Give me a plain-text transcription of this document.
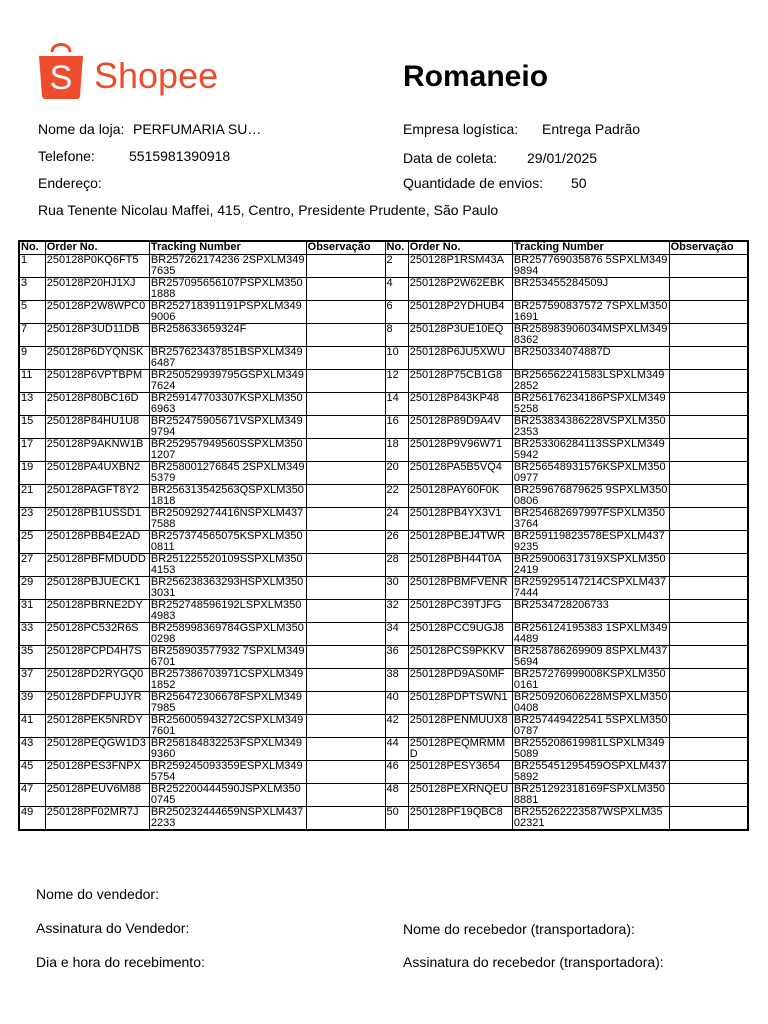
S Shopee	Romaneio
Nome da loja: PERFUMARIA SU…
Telefone: 5515981390918
Endereço:
Rua Tenente Nicolau Maffei, 415, Centro, Presidente Prudente, São Paulo
Empresa logística: Entrega Padrão
Data de coleta: 29/01/2025
Quantidade de envios: 50
No.	Order No.	Tracking Number	Observação	No.	Order No.	Tracking Number	Observação
1	250128P0KQ6FT5	BR257262174236 2SPXLM3497635		2	250128P1RSM43A	BR257769035876 5SPXLM3499894	
3	250128P20HJ1XJ	BR257095656107PSPXLM3501888		4	250128P2W62EBK	BR253455284509J	
5	250128P2W8WPC0	BR252718391191PSPXLM3499006		6	250128P2YDHUB4	BR257590837572 7SPXLM3501691	
7	250128P3UD11DB	BR258633659324F		8	250128P3UE10EQ	BR258983906034MSPXLM3498362	
9	250128P6DYQNSK	BR257623437851BSPXLM3496487		10	250128P6JU5XWU	BR250334074887D	
11	250128P6VPTBPM	BR250529939795GSPXLM3497624		12	250128P75CB1G8	BR256562241583LSPXLM3492852	
13	250128P80BC16D	BR259147703307KSPXLM3506963		14	250128P843KP48	BR256176234186PSPXLM3495258	
15	250128P84HU1U8	BR252475905671VSPXLM3499794		16	250128P89D9A4V	BR253834386228VSPXLM3502353	
17	250128P9AKNW1B	BR252957949560SSPXLM3501207		18	250128P9V96W71	BR253306284113SSPXLM3495942	
19	250128PA4UXBN2	BR258001276845 2SPXLM3495379		20	250128PA5B5VQ4	BR256548931576KSPXLM3500977	
21	250128PAGFT8Y2	BR256313542563QSPXLM3501818		22	250128PAY60F0K	BR259676879625 9SPXLM3500806	
23	250128PB1USSD1	BR250929274416NSPXLM4377588		24	250128PB4YX3V1	BR254682697997FSPXLM3503764	
25	250128PBB4E2AD	BR257374565075KSPXLM3500811		26	250128PBEJ4TWR	BR259119823578ESPXLM4379235	
27	250128PBFMDUDD	BR251225520109SSPXLM3504153		28	250128PBH44T0A	BR259006317319XSPXLM3502419	
29	250128PBJUECK1	BR256238363293HSPXLM3503031		30	250128PBMFVENR	BR259295147214CSPXLM4377444	
31	250128PBRNE2DY	BR252748596192LSPXLM3504983		32	250128PC39TJFG	BR2534728206733	
33	250128PC532R6S	BR258998369784GSPXLM3500298		34	250128PCC9UGJ8	BR256124195383 1SPXLM3494489	
35	250128PCPD4H7S	BR258903577932 7SPXLM3496701		36	250128PCS9PKKV	BR258786269909 8SPXLM4375694	
37	250128PD2RYGQ0	BR257386703971CSPXLM3491852		38	250128PD9AS0MF	BR257276999008KSPXLM3500161	
39	250128PDFPUJYR	BR256472306678FSPXLM3497985		40	250128PDPTSWN1	BR250920606228MSPXLM3500408	
41	250128PEK5NRDY	BR256005943272CSPXLM3497601		42	250128PENMUUX8	BR257449422541 5SPXLM3500787	
43	250128PEQGW1D3	BR258184832253FSPXLM3499360		44	250128PEQMRMMD	BR255208619981LSPXLM3495089	
45	250128PES3FNPX	BR259245093359ESPXLM3495754		46	250128PESY3654	BR255451295459OSPXLM4375892	
47	250128PEUV6M88	BR252200444590JSPXLM3500745		48	250128PEXRNQEU	BR251292318169FSPXLM3508881	
49	250128PF02MR7J	BR250232444659NSPXLM4372233		50	250128PF19QBC8	BR255262223587WSPXLM3502321	
Nome do vendedor:
Assinatura do Vendedor:
Dia e hora do recebimento:
Nome do recebedor (transportadora):
Assinatura do recebedor (transportadora):
